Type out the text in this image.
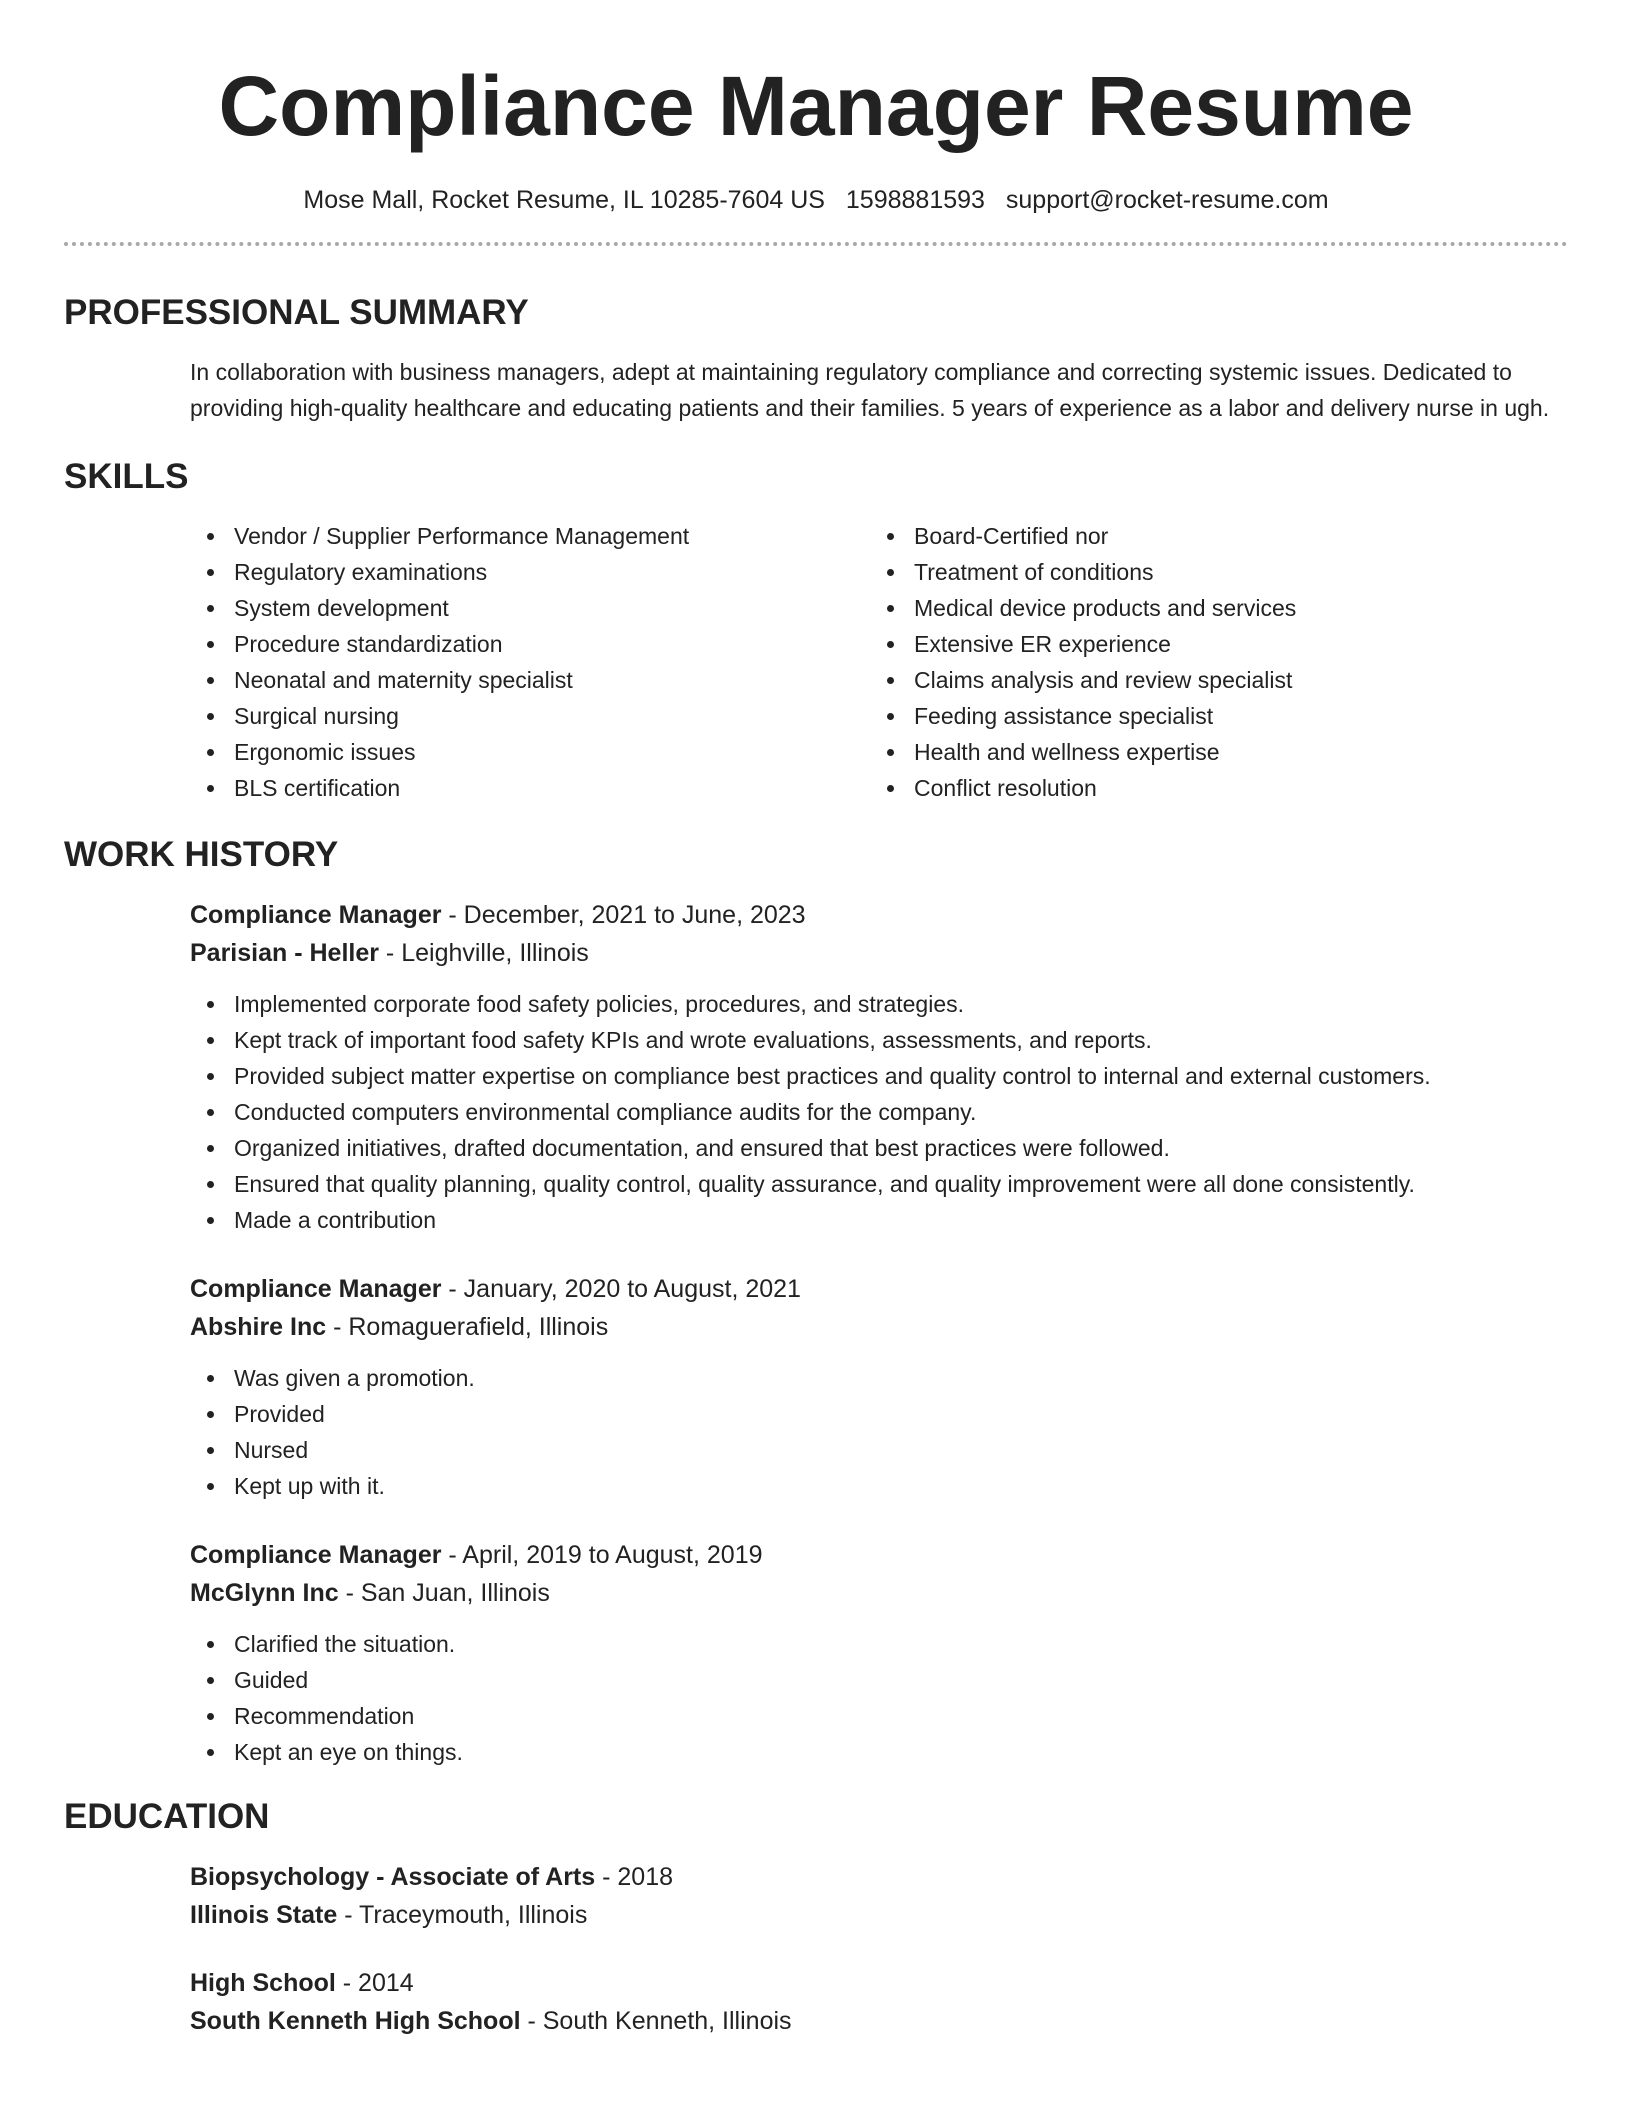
Compliance Manager Resume
Mose Mall, Rocket Resume, IL 10285-7604 US 1598881593 support@rocket-resume.com
PROFESSIONAL SUMMARY

In collaboration with business managers, adept at maintaining regulatory compliance and correcting systemic issues. Dedicated to providing high-quality healthcare and educating patients and their families. 5 years of experience as a labor and delivery nurse in ugh.

SKILLS
Vendor / Supplier Performance Management
Regulatory examinations
System development
Procedure standardization
Neonatal and maternity specialist
Surgical nursing
Ergonomic issues
BLS certification
Board-Certified nor
Treatment of conditions
Medical device products and services
Extensive ER experience
Claims analysis and review specialist
Feeding assistance specialist
Health and wellness expertise
Conflict resolution
WORK HISTORY
Compliance Manager - December, 2021 to June, 2023
Parisian - Heller - Leighville, Illinois
Implemented corporate food safety policies, procedures, and strategies.
Kept track of important food safety KPIs and wrote evaluations, assessments, and reports.
Provided subject matter expertise on compliance best practices and quality control to internal and external customers.
Conducted computers environmental compliance audits for the company.
Organized initiatives, drafted documentation, and ensured that best practices were followed.
Ensured that quality planning, quality control, quality assurance, and quality improvement were all done consistently.
Made a contribution
Compliance Manager - January, 2020 to August, 2021
Abshire Inc - Romaguerafield, Illinois
Was given a promotion.
Provided
Nursed
Kept up with it.
Compliance Manager - April, 2019 to August, 2019
McGlynn Inc - San Juan, Illinois
Clarified the situation.
Guided
Recommendation
Kept an eye on things.
EDUCATION
Biopsychology - Associate of Arts - 2018
Illinois State - Traceymouth, Illinois
High School - 2014
South Kenneth High School - South Kenneth, Illinois
